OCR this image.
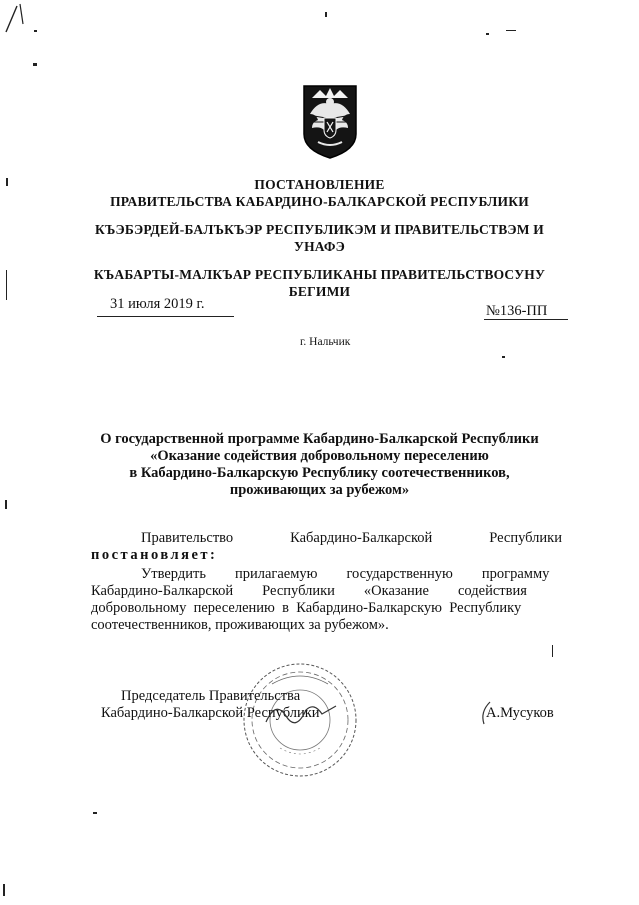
ПОСТАНОВЛЕНИЕ
ПРАВИТЕЛЬСТВА КАБАРДИНО-БАЛКАРСКОЙ РЕСПУБЛИКИ
КЪЭБЭРДЕЙ-БАЛЪКЪЭР РЕСПУБЛИКЭМ И ПРАВИТЕЛЬСТВЭМ И
УНАФЭ
КЪАБАРТЫ-МАЛКЪАР РЕСПУБЛИКАНЫ ПРАВИТЕЛЬСТВОСУНУ
БЕГИМИ
31 июля 2019 г.	№136-ПП
г. Нальчик
О государственной программе Кабардино-Балкарской Республики
«Оказание содействия добровольному переселению
в Кабардино-Балкарскую Республику соотечественников,
проживающих за рубежом»
Правительство             Кабардино-Балкарской             Республики
постановляет:
Утвердить        прилагаемую        государственную        программу
Кабардино-Балкарской        Республики        «Оказание        содействия
добровольному  переселению  в  Кабардино-Балкарскую  Республику
соотечественников, проживающих за рубежом».
Председатель Правительства
Кабардино-Балкарской Республики	А.Мусуков
